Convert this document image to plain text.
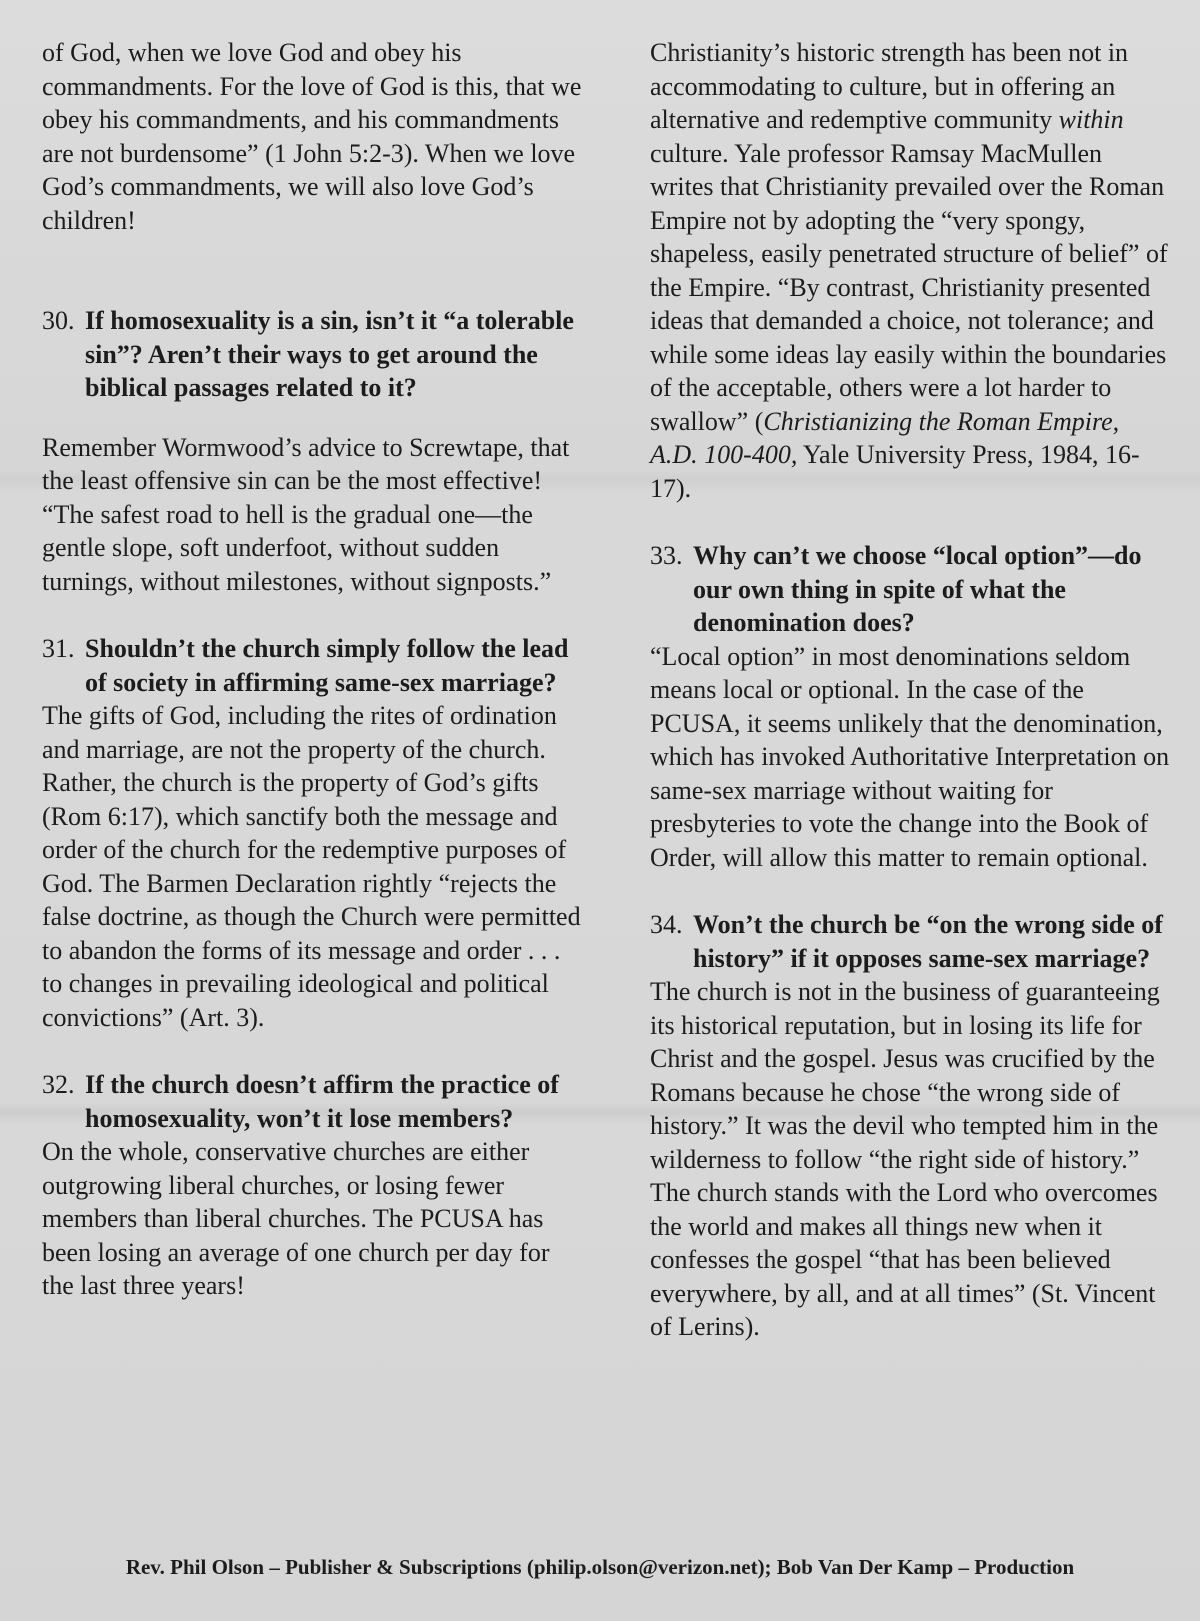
of God, when we love God and obey his commandments. For the love of God is this, that we obey his commandments, and his commandments are not burdensome” (1 John 5:2-3). When we love God’s commandments, we will also love God’s children!

30. If homosexuality is a sin, isn’t it “a tolerable sin”? Aren’t their ways to get around the biblical passages related to it?

Remember Wormwood’s advice to Screwtape, that the least offensive sin can be the most effective! “The safest road to hell is the gradual one—the gentle slope, soft underfoot, without sudden turnings, without milestones, without signposts.”

31. Shouldn’t the church simply follow the lead of society in affirming same-sex marriage?

The gifts of God, including the rites of ordination and marriage, are not the property of the church. Rather, the church is the property of God’s gifts (Rom 6:17), which sanctify both the message and order of the church for the redemptive purposes of God. The Barmen Declaration rightly “rejects the false doctrine, as though the Church were permitted to abandon the forms of its message and order . . . to changes in prevailing ideological and political convictions” (Art. 3).

32. If the church doesn’t affirm the practice of homosexuality, won’t it lose members?

On the whole, conservative churches are either outgrowing liberal churches, or losing fewer members than liberal churches. The PCUSA has been losing an average of one church per day for the last three years!

Christianity’s historic strength has been not in accommodating to culture, but in offering an alternative and redemptive community within culture. Yale professor Ramsay MacMullen writes that Christianity prevailed over the Roman Empire not by adopting the “very spongy, shapeless, easily penetrated structure of belief” of the Empire. “By contrast, Christianity presented ideas that demanded a choice, not tolerance; and while some ideas lay easily within the boundaries of the acceptable, others were a lot harder to swallow” (Christianizing the Roman Empire, A.D. 100-400, Yale University Press, 1984, 16-17).

33. Why can’t we choose “local option”—do our own thing in spite of what the denomination does?

“Local option” in most denominations seldom means local or optional. In the case of the PCUSA, it seems unlikely that the denomination, which has invoked Authoritative Interpretation on same-sex marriage without waiting for presbyteries to vote the change into the Book of Order, will allow this matter to remain optional.

34. Won’t the church be “on the wrong side of history” if it opposes same-sex marriage?

The church is not in the business of guaranteeing its historical reputation, but in losing its life for Christ and the gospel. Jesus was crucified by the Romans because he chose “the wrong side of history.” It was the devil who tempted him in the wilderness to follow “the right side of history.” The church stands with the Lord who overcomes the world and makes all things new when it confesses the gospel “that has been believed everywhere, by all, and at all times” (St. Vincent of Lerins).

Rev. Phil Olson – Publisher & Subscriptions (philip.olson@verizon.net); Bob Van Der Kamp – Production
